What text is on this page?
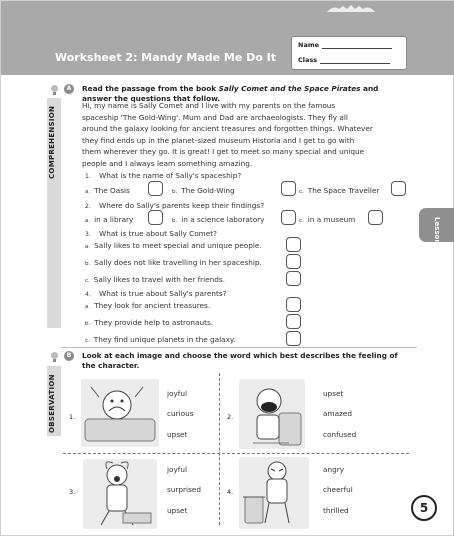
Worksheet 2: Mandy Made Me Do It
Name
Class
Lesson 32
A
COMPREHENSION
Read the passage from the book Sally Comet and the Space Pirates and
answer the questions that follow.
Hi, my name is Sally Comet and I live with my parents on the famous
spaceship 'The Gold-Wing'. Mum and Dad are archaeologists. They fly all
around the galaxy looking for ancient treasures and forgotten things. Whatever
they find ends up in the planet-sized museum Historia and I get to go with
them wherever they go. It is great! I get to meet so many special and unique
people and I always learn something amazing.
1. What is the name of Sally's spaceship?
a. The Oasis	b. The Gold-Wing	c. The Space Traveller
2. Where do Sally's parents keep their findings?
a. in a library	b. in a science laboratory	c. in a museum
3. What is true about Sally Comet?
a. Sally likes to meet special and unique people.
b. Sally does not like travelling in her spaceship.
c. Sally likes to travel with her friends.
4. What is true about Sally's parents?
a. They look for ancient treasures.
b. They provide help to astronauts.
c. They find unique planets in the galaxy.
B
OBSERVATION
Look at each image and choose the word which best describes the feeling of
the character.
1.
joyful
curious
upset
2.
upset
amazed
confused
3.
joyful
surprised
upset
4.
angry
cheerful
thrilled	5
